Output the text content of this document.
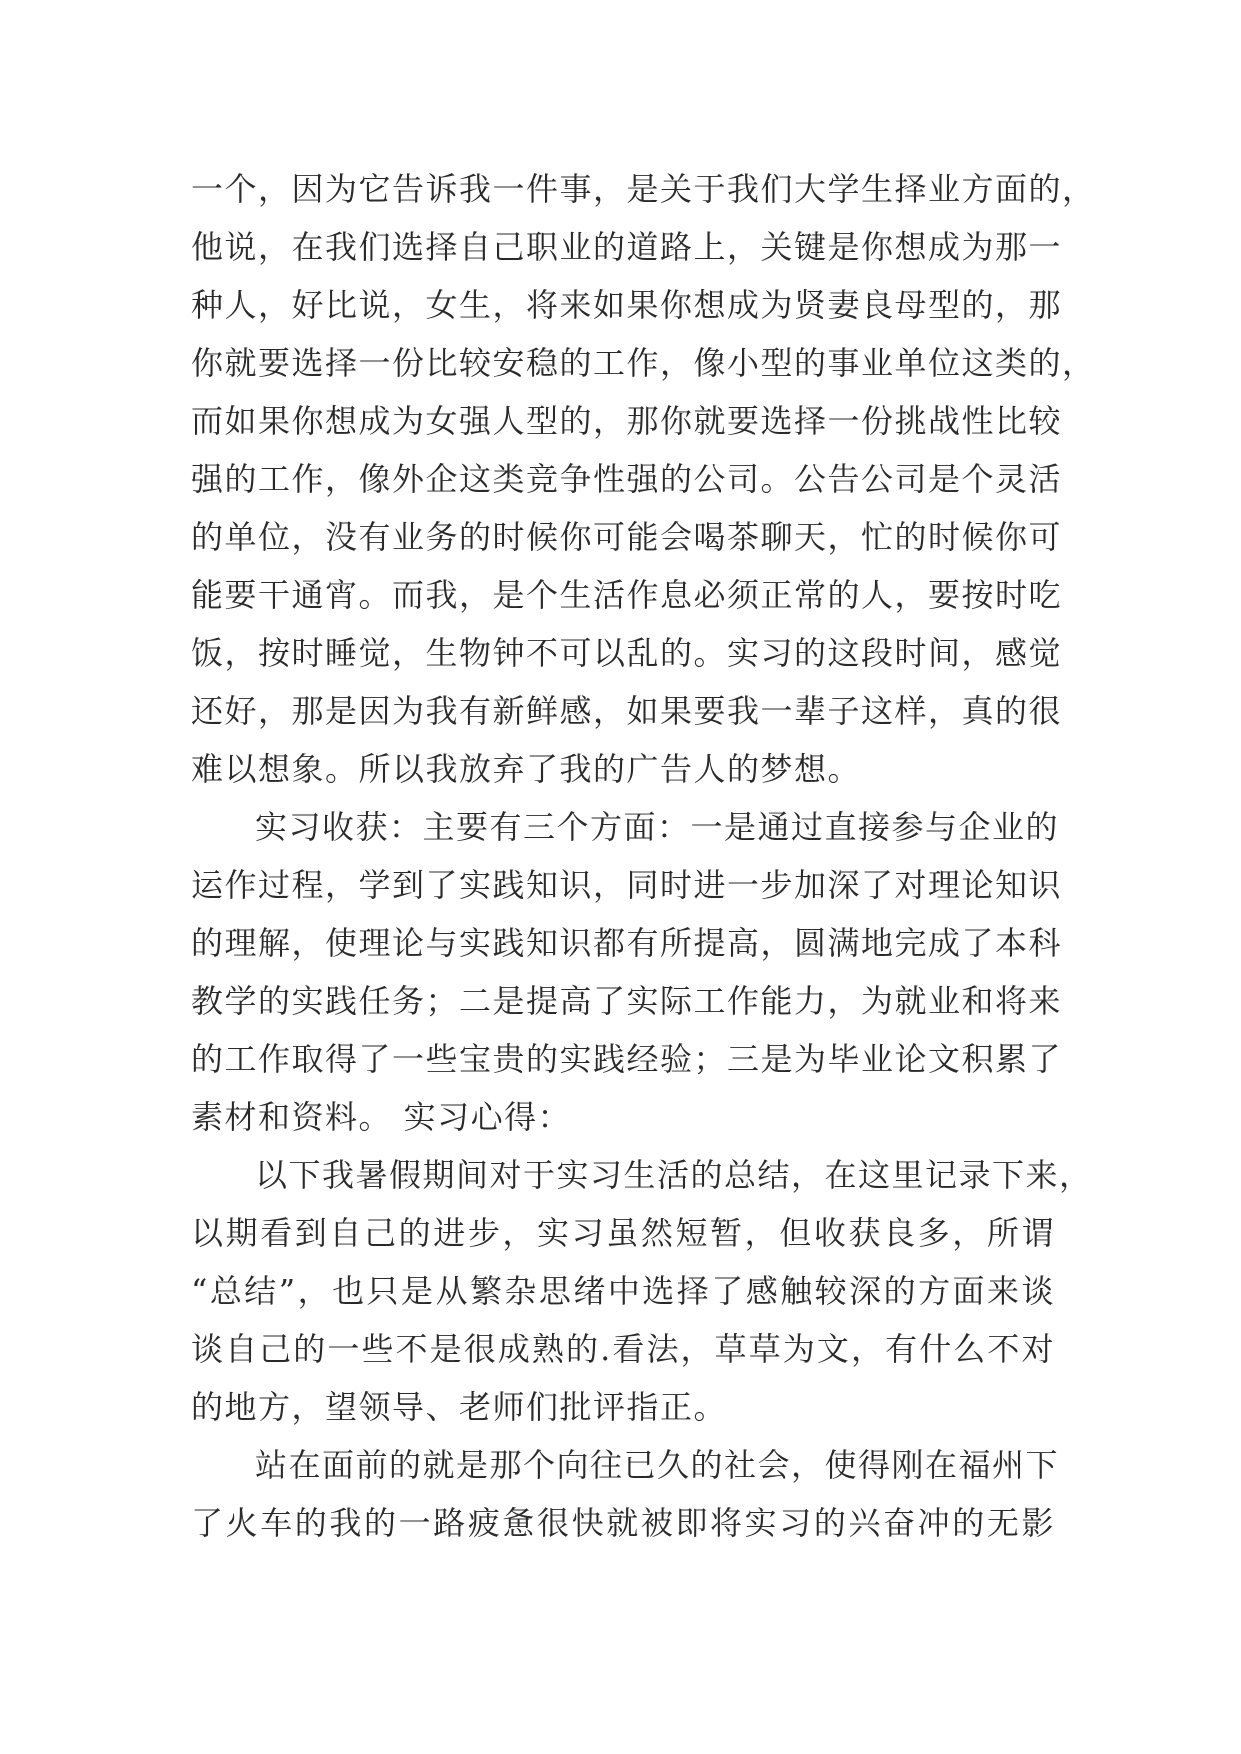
一个，因为它告诉我一件事，是关于我们大学生择业方面的，
他说，在我们选择自己职业的道路上，关键是你想成为那一
种人，好比说，女生，将来如果你想成为贤妻良母型的，那
你就要选择一份比较安稳的工作，像小型的事业单位这类的，
而如果你想成为女强人型的，那你就要选择一份挑战性比较
强的工作，像外企这类竞争性强的公司。公告公司是个灵活
的单位，没有业务的时候你可能会喝茶聊天，忙的时候你可
能要干通宵。而我，是个生活作息必须正常的人，要按时吃
饭，按时睡觉，生物钟不可以乱的。实习的这段时间，感觉
还好，那是因为我有新鲜感，如果要我一辈子这样，真的很
难以想象。所以我放弃了我的广告人的梦想。
实习收获：主要有三个方面：一是通过直接参与企业的
运作过程，学到了实践知识，同时进一步加深了对理论知识
的理解，使理论与实践知识都有所提高，圆满地完成了本科
教学的实践任务；二是提高了实际工作能力，为就业和将来
的工作取得了一些宝贵的实践经验；三是为毕业论文积累了
素材和资料。 实习心得：
以下我暑假期间对于实习生活的总结，在这里记录下来，
以期看到自己的进步，实习虽然短暂，但收获良多，所谓
“总结”，也只是从繁杂思绪中选择了感触较深的方面来谈
谈自己的一些不是很成熟的.看法，草草为文，有什么不对
的地方，望领导、老师们批评指正。
站在面前的就是那个向往已久的社会，使得刚在福州下
了火车的我的一路疲惫很快就被即将实习的兴奋冲的无影
